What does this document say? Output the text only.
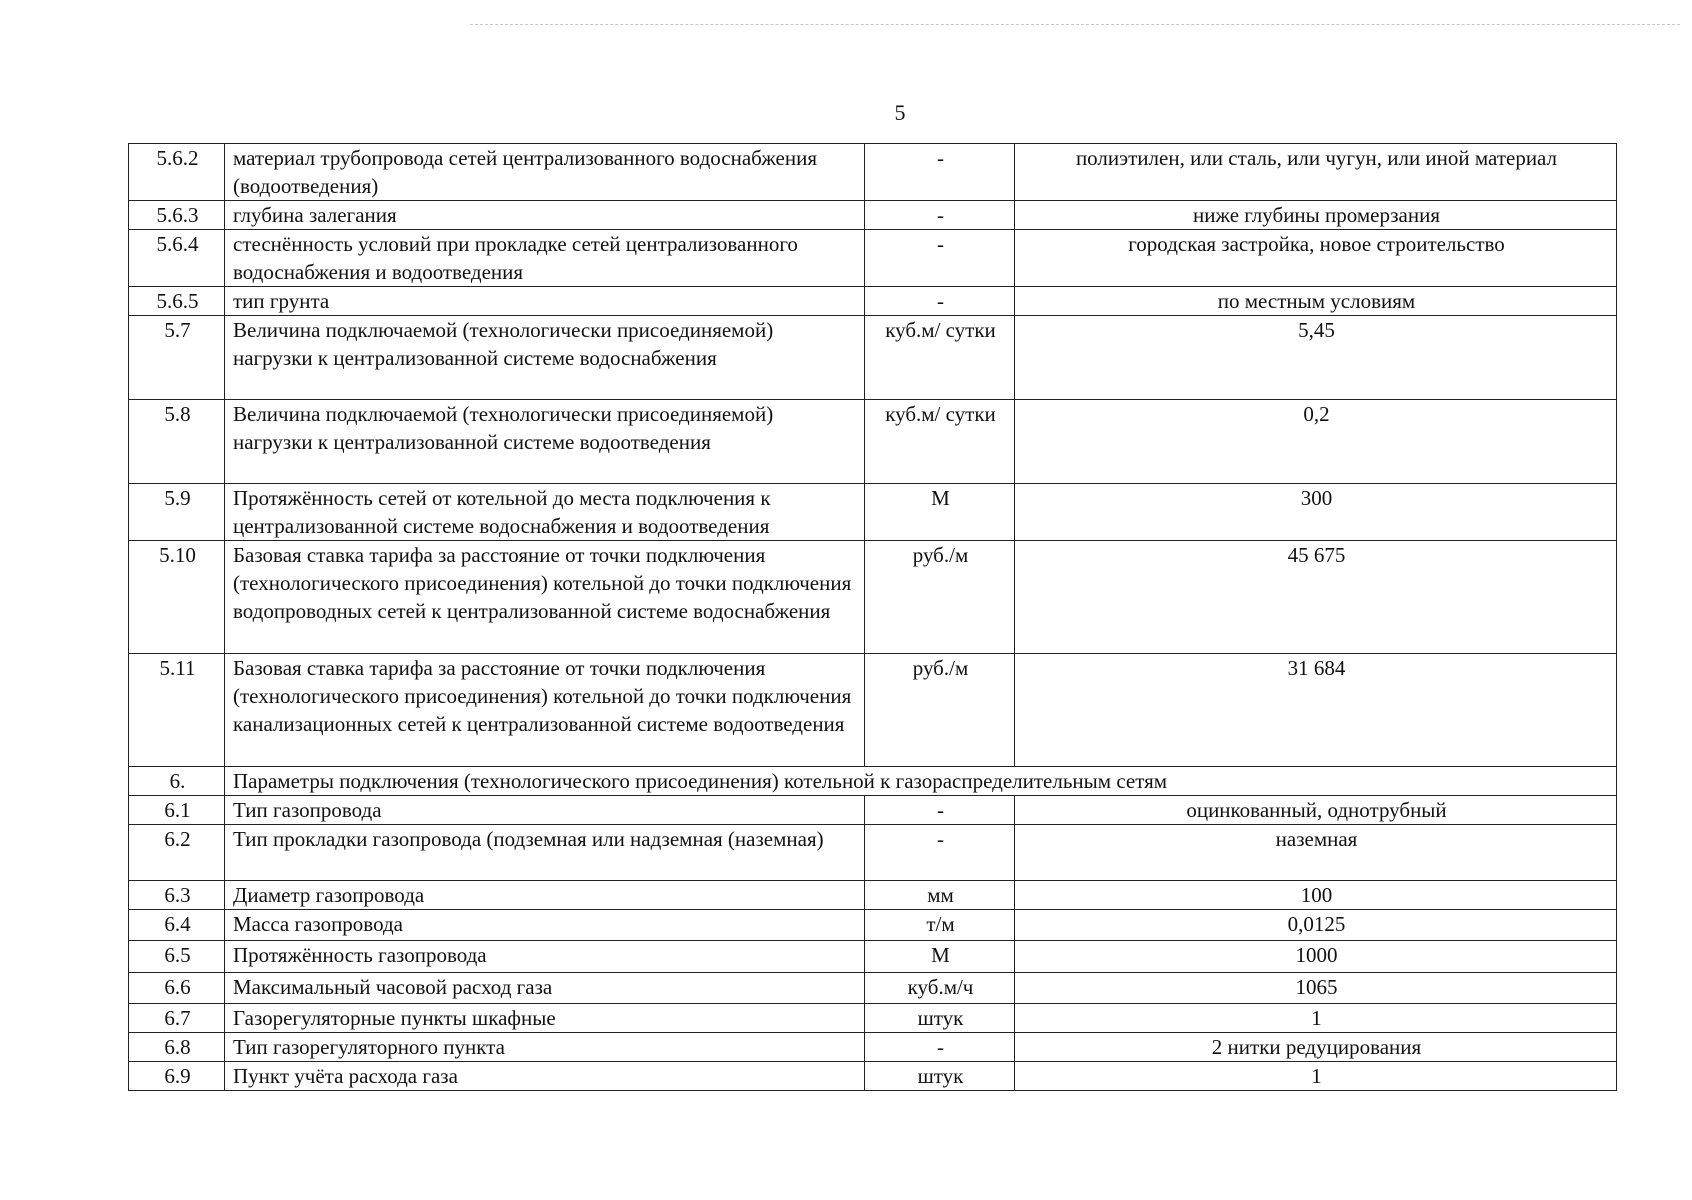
5
5.6.2	материал трубопровода сетей централизованного водоснабжения (водоотведения)	-	полиэтилен, или сталь, или чугун, или иной материал
5.6.3	глубина залегания	-	ниже глубины промерзания
5.6.4	стеснённость условий при прокладке сетей централизованного водоснабжения и водоотведения	-	городская застройка, новое строительство
5.6.5	тип грунта	-	по местным условиям
5.7	Величина подключаемой (технологически присоединяемой) нагрузки к централизованной системе водоснабжения	куб.м/ сутки	5,45
5.8	Величина подключаемой (технологически присоединяемой) нагрузки к централизованной системе водоотведения	куб.м/ сутки	0,2
5.9	Протяжённость сетей от котельной до места подключения к централизованной системе водоснабжения и водоотведения	М	300
5.10	Базовая ставка тарифа за расстояние от точки подключения (технологического присоединения) котельной до точки подключения водопроводных сетей к централизованной системе водоснабжения	руб./м	45 675
5.11	Базовая ставка тарифа за расстояние от точки подключения (технологического присоединения) котельной до точки подключения канализационных сетей к централизованной системе водоотведения	руб./м	31 684
6.	Параметры подключения (технологического присоединения) котельной к газораспределительным сетям		
6.1	Тип газопровода	-	оцинкованный, однотрубный
6.2	Тип прокладки газопровода (подземная или надземная (наземная)	-	наземная
6.3	Диаметр газопровода	мм	100
6.4	Масса газопровода	т/м	0,0125
6.5	Протяжённость газопровода	М	1000
6.6	Максимальный часовой расход газа	куб.м/ч	1065
6.7	Газорегуляторные пункты шкафные	штук	1
6.8	Тип газорегуляторного пункта	-	2 нитки редуцирования
6.9	Пункт учёта расхода газа	штук	1
